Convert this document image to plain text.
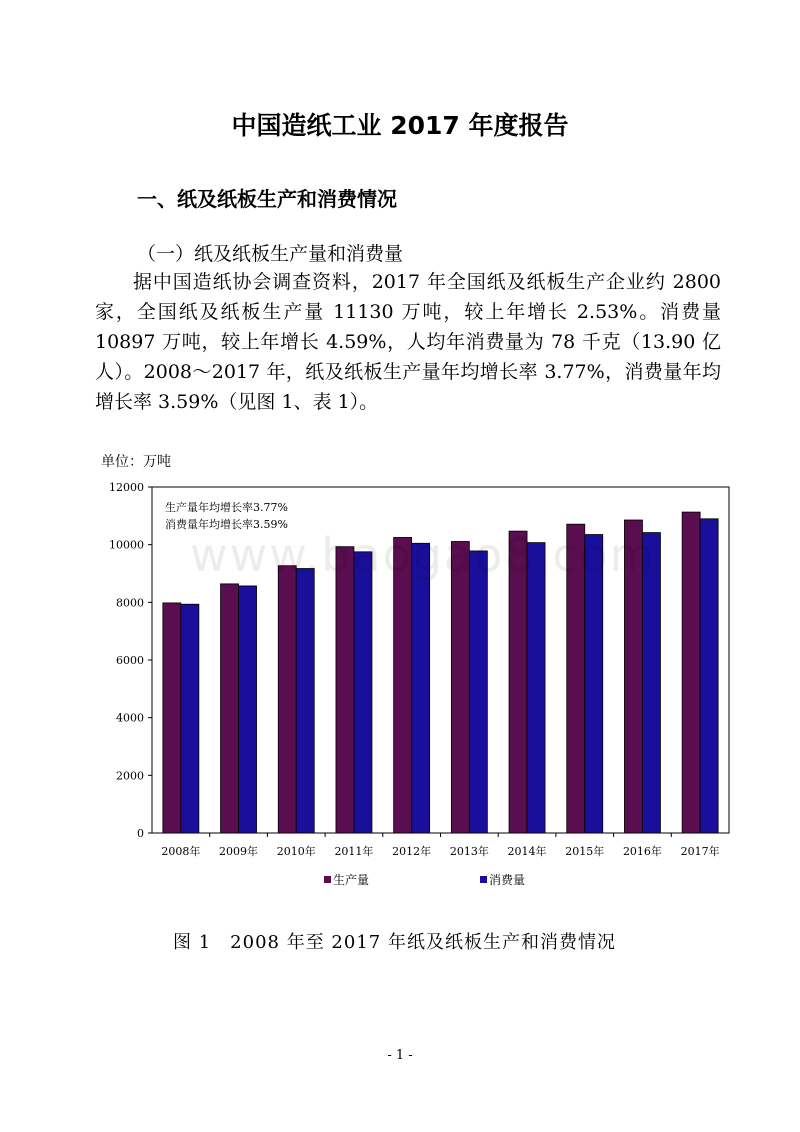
中国造纸工业 2017 年度报告
一、纸及纸板生产和消费情况
（一）纸及纸板生产量和消费量
据中国造纸协会调查资料，2017 年全国纸及纸板生产企业约 2800 家，全国纸及纸板生产量 11130 万吨，较上年增长 2.53%。消费量 10897 万吨，较上年增长 4.59%，人均年消费量为 78 千克（13.90 亿人）。2008～2017 年，纸及纸板生产量年均增长率 3.77%，消费量年均增长率 3.59%（见图 1、表 1）。
单位：万吨
0
2000
4000
6000
8000
10000
12000
2008年 2009年 2010年 2011年 2012年 2013年 2014年 2015年 2016年 2017年
生产量年均增长率3.77%
消费量年均增长率3.59%
生产量	消费量
www.baogao8.com
图 1　2008 年至 2017 年纸及纸板生产和消费情况
- 1 -
